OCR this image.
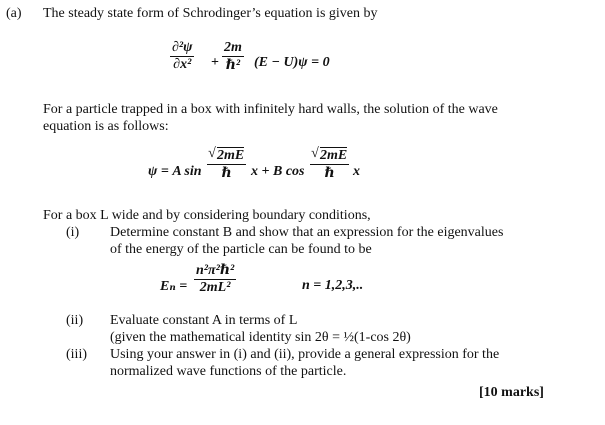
(a) The steady state form of Schrodinger’s equation is given by
∂²ψ
∂x² +
2m
ℏ² (E − U)ψ = 0
For a particle trapped in a box with infinitely hard walls, the solution of the wave
equation is as follows:
ψ = A sin
√ 2mE
ℏ	x + B cos
√ 2mE
ℏ	x
For a box L wide and by considering boundary conditions,
(i) Determine constant B and show that an expression for the eigenvalues
of the energy of the particle can be found to be
Eₙ =
n²π²ℏ²
2mL²	n = 1,2,3,..
(ii) Evaluate constant A in terms of L
(given the mathematical identity sin 2θ = ½(1-cos 2θ)
(iii) Using your answer in (i) and (ii), provide a general expression for the
normalized wave functions of the particle.
[10 marks]
